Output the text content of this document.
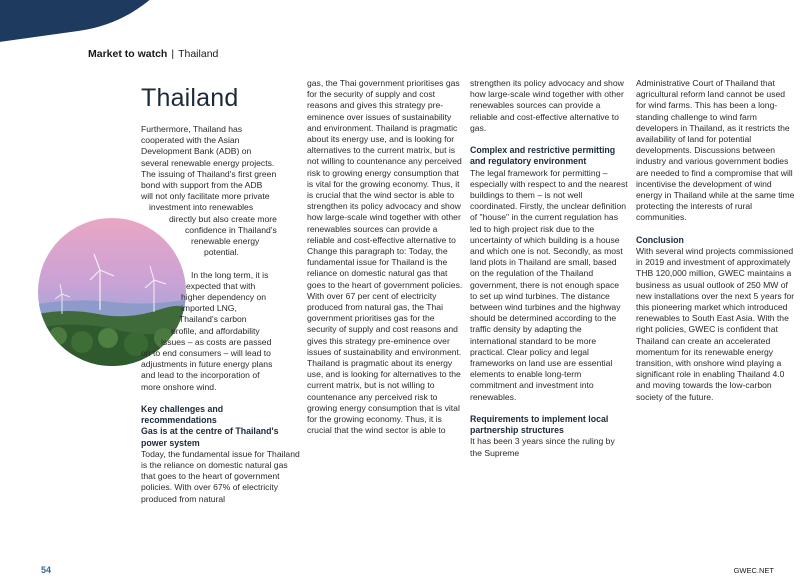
Market to watch | Thailand
Thailand
Furthermore, Thailand has
cooperated with the Asian
Development Bank (ADB) on
several renewable energy projects.
The issuing of Thailand's first green
bond with support from the ADB
will not only facilitate more private
investment into renewables
directly but also create more
confidence in Thailand's
renewable energy
potential.

In the long term, it is
expected that with
higher dependency on
imported LNG,
Thailand's carbon
profile, and affordability
issues – as costs are passed
on to end consumers – will lead to
adjustments in future energy plans
and lead to the incorporation of
more onshore wind.
Key challenges and recommendations
Gas is at the centre of Thailand's power system

Today, the fundamental issue for Thailand is the reliance on domestic natural gas that goes to the heart of government policies. With over 67% of electricity produced from natural

gas, the Thai government prioritises gas for the security of supply and cost reasons and gives this strategy pre-eminence over issues of sustainability and environment. Thailand is pragmatic about its energy use, and is looking for alternatives to the current matrix, but is not willing to countenance any perceived risk to growing energy consumption that is vital for the growing economy. Thus, it is crucial that the wind sector is able to strengthen its policy advocacy and show how large-scale wind together with other renewables sources can provide a reliable and cost-effective alternative to Change this paragraph to: Today, the fundamental issue for Thailand is the reliance on domestic natural gas that goes to the heart of government policies. With over 67 per cent of electricity produced from natural gas, the Thai government prioritises gas for the security of supply and cost reasons and gives this strategy pre-eminence over issues of sustainability and environment. Thailand is pragmatic about its energy use, and is looking for alternatives to the current matrix, but is not willing to countenance any perceived risk to growing energy consumption that is vital for the growing economy. Thus, it is crucial that the wind sector is able to

strengthen its policy advocacy and show how large-scale wind together with other renewables sources can provide a reliable and cost-effective alternative to gas.

Complex and restrictive permitting and regulatory environment

The legal framework for permitting – especially with respect to and the nearest buildings to them – is not well coordinated. Firstly, the unclear definition of "house" in the current regulation has led to high project risk due to the uncertainty of which building is a house and which one is not. Secondly, as most land plots in Thailand are small, based on the regulation of the Thailand government, there is not enough space to set up wind turbines. The distance between wind turbines and the highway should be determined according to the traffic density by adapting the international standard to be more practical. Clear policy and legal frameworks on land use are essential elements to enable long-term commitment and investment into renewables.

Requirements to implement local partnership structures

It has been 3 years since the ruling by the Supreme

Administrative Court of Thailand that agricultural reform land cannot be used for wind farms. This has been a long-standing challenge to wind farm developers in Thailand, as it restricts the availability of land for potential developments. Discussions between industry and various government bodies are needed to find a compromise that will incentivise the development of wind energy in Thailand while at the same time protecting the interests of rural communities.

Conclusion

With several wind projects commissioned in 2019 and investment of approximately THB 120,000 million, GWEC maintains a business as usual outlook of 250 MW of new installations over the next 5 years for this pioneering market which introduced renewables to South East Asia. With the right policies, GWEC is confident that Thailand can create an accelerated momentum for its renewable energy transition, with onshore wind playing a significant role in enabling Thailand 4.0 and moving towards the low-carbon society of the future.

54	GWEC.NET
